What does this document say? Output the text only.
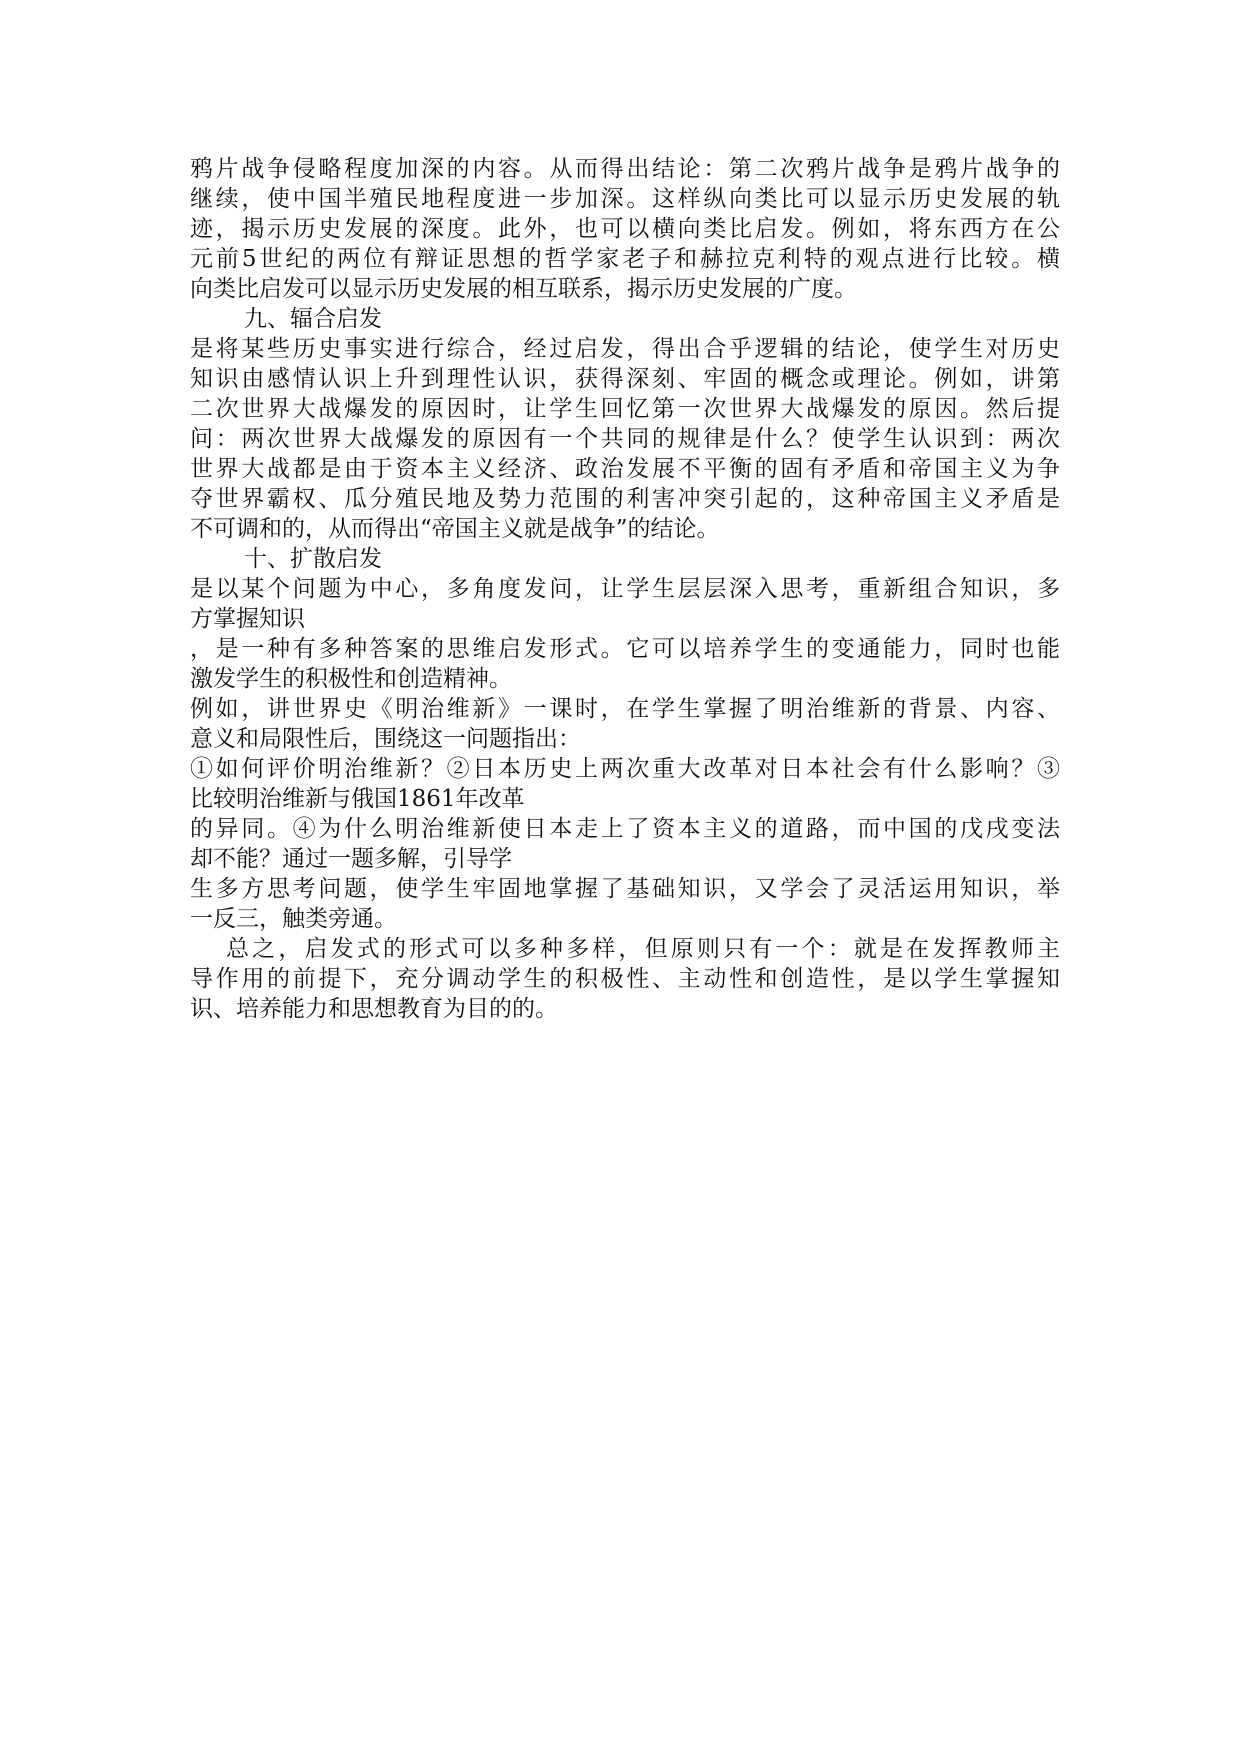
鸦片战争侵略程度加深的内容。从而得出结论：第二次鸦片战争是鸦片战争的
继续，使中国半殖民地程度进一步加深。这样纵向类比可以显示历史发展的轨
迹，揭示历史发展的深度。此外，也可以横向类比启发。例如，将东西方在公
元前5世纪的两位有辩证思想的哲学家老子和赫拉克利特的观点进行比较。横
向类比启发可以显示历史发展的相互联系，揭示历史发展的广度。
九、辐合启发
是将某些历史事实进行综合，经过启发，得出合乎逻辑的结论，使学生对历史
知识由感情认识上升到理性认识，获得深刻、牢固的概念或理论。例如，讲第
二次世界大战爆发的原因时，让学生回忆第一次世界大战爆发的原因。然后提
问：两次世界大战爆发的原因有一个共同的规律是什么？使学生认识到：两次
世界大战都是由于资本主义经济、政治发展不平衡的固有矛盾和帝国主义为争
夺世界霸权、瓜分殖民地及势力范围的利害冲突引起的，这种帝国主义矛盾是
不可调和的，从而得出“帝国主义就是战争”的结论。
十、扩散启发
是以某个问题为中心，多角度发问，让学生层层深入思考，重新组合知识，多
方掌握知识
，是一种有多种答案的思维启发形式。它可以培养学生的变通能力，同时也能
激发学生的积极性和创造精神。
例如，讲世界史《明治维新》一课时，在学生掌握了明治维新的背景、内容、
意义和局限性后，围绕这一问题指出：
①如何评价明治维新？②日本历史上两次重大改革对日本社会有什么影响？③
比较明治维新与俄国1861年改革
的异同。④为什么明治维新使日本走上了资本主义的道路，而中国的戊戌变法
却不能？通过一题多解，引导学
生多方思考问题，使学生牢固地掌握了基础知识，又学会了灵活运用知识，举
一反三，触类旁通。
总之，启发式的形式可以多种多样，但原则只有一个：就是在发挥教师主
导作用的前提下，充分调动学生的积极性、主动性和创造性，是以学生掌握知
识、培养能力和思想教育为目的的。
